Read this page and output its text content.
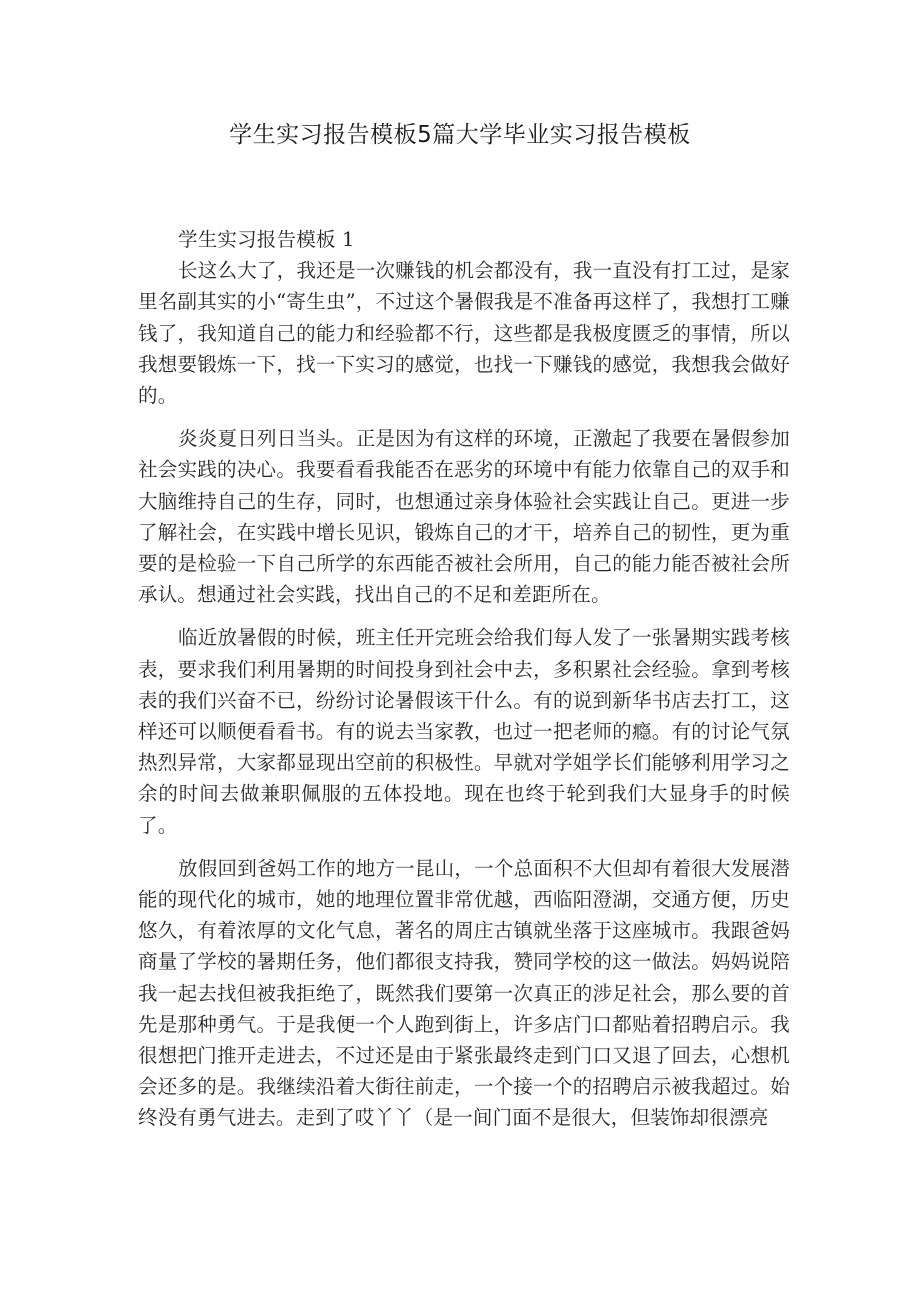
学生实习报告模板5篇大学毕业实习报告模板

学生实习报告模板 1

长这么大了，我还是一次赚钱的机会都没有，我一直没有打工过，是家里名副其实的小“寄生虫”，不过这个暑假我是不准备再这样了，我想打工赚钱了，我知道自己的能力和经验都不行，这些都是我极度匮乏的事情，所以我想要锻炼一下，找一下实习的感觉，也找一下赚钱的感觉，我想我会做好的。

炎炎夏日列日当头。正是因为有这样的环境，正激起了我要在暑假参加社会实践的决心。我要看看我能否在恶劣的环境中有能力依靠自己的双手和大脑维持自己的生存，同时，也想通过亲身体验社会实践让自己。更进一步了解社会，在实践中增长见识，锻炼自己的才干，培养自己的韧性，更为重要的是检验一下自己所学的东西能否被社会所用，自己的能力能否被社会所承认。想通过社会实践，找出自己的不足和差距所在。

临近放暑假的时候，班主任开完班会给我们每人发了一张暑期实践考核表，要求我们利用暑期的时间投身到社会中去，多积累社会经验。拿到考核表的我们兴奋不已，纷纷讨论暑假该干什么。有的说到新华书店去打工，这样还可以顺便看看书。有的说去当家教，也过一把老师的瘾。有的讨论气氛热烈异常，大家都显现出空前的积极性。早就对学姐学长们能够利用学习之余的时间去做兼职佩服的五体投地。现在也终于轮到我们大显身手的时候了。

放假回到爸妈工作的地方一昆山，一个总面积不大但却有着很大发展潜能的现代化的城市，她的地理位置非常优越，西临阳澄湖，交通方便，历史悠久，有着浓厚的文化气息，著名的周庄古镇就坐落于这座城市。我跟爸妈商量了学校的暑期任务，他们都很支持我，赞同学校的这一做法。妈妈说陪我一起去找但被我拒绝了，既然我们要第一次真正的涉足社会，那么要的首先是那种勇气。于是我便一个人跑到街上，许多店门口都贴着招聘启示。我很想把门推开走进去，不过还是由于紧张最终走到门口又退了回去，心想机会还多的是。我继续沿着大街往前走，一个接一个的招聘启示被我超过。始终没有勇气进去。走到了哎丫丫（是一间门面不是很大，但装饰却很漂亮
